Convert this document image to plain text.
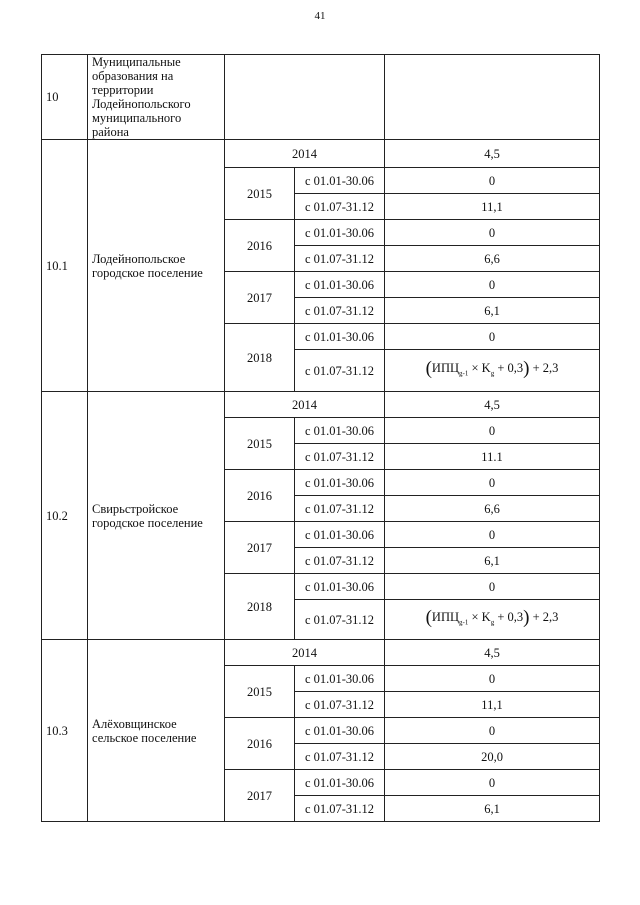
41
10	Муниципальные образования на территории Лодейнопольского муниципального района			
10.1	Лодейнопольское городское поселение	2014		4,5
		2015	с 01.01-30.06	0
			с 01.07-31.12	11,1
		2016	с 01.01-30.06	0
			с 01.07-31.12	6,6
		2017	с 01.01-30.06	0
			с 01.07-31.12	6,1
		2018	с 01.01-30.06	0
			с 01.07-31.12	$(ИПЦ_{g-1} \times K_g + 0,3) + 2,3$

10.2	Свирьстройское городское поселение	2014		4,5
		2015	с 01.01-30.06	0
			с 01.07-31.12	11.1
		2016	с 01.01-30.06	0
			с 01.07-31.12	6,6
		2017	с 01.01-30.06	0
			с 01.07-31.12	6,1
		2018	с 01.01-30.06	0
			с 01.07-31.12	$(ИПЦ_{g-1} \times K_g + 0,3) + 2,3$

10.3	Алёховщинское сельское поселение	2014		4,5
		2015	с 01.01-30.06	0
			с 01.07-31.12	11,1
		2016	с 01.01-30.06	0
			с 01.07-31.12	20,0
		2017	с 01.01-30.06	0
			с 01.07-31.12	6,1
